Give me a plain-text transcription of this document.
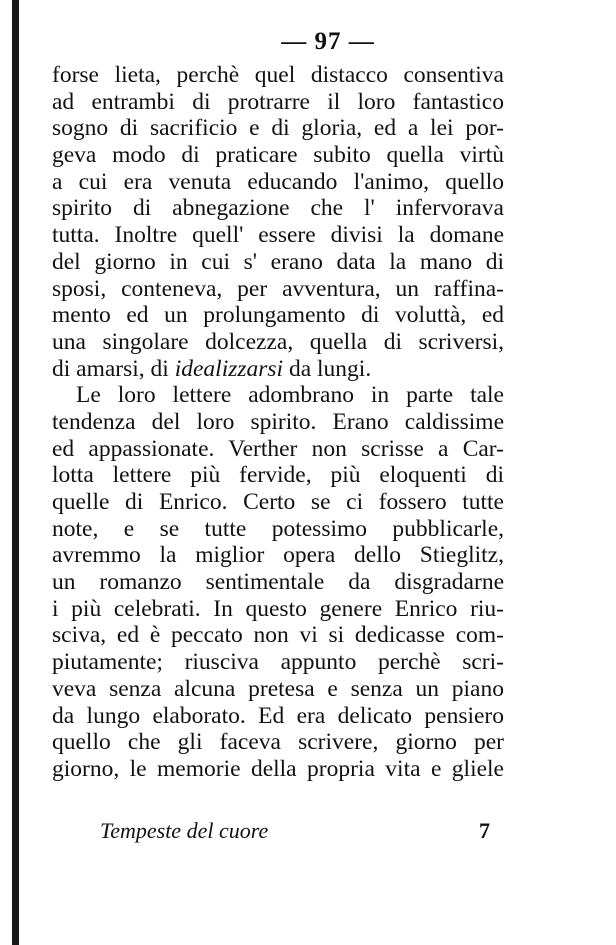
— 97 —
forse lieta, perchè quel distacco consentiva
ad entrambi di protrarre il loro fantastico
sogno di sacrificio e di gloria, ed a lei por-
geva modo di praticare subito quella virtù
a cui era venuta educando l'animo, quello
spirito di abnegazione che l' infervorava
tutta. Inoltre quell' essere divisi la domane
del giorno in cui s' erano data la mano di
sposi, conteneva, per avventura, un raffina-
mento ed un prolungamento di voluttà, ed
una singolare dolcezza, quella di scriversi,
di amarsi, di idealizzarsi da lungi.
Le loro lettere adombrano in parte tale
tendenza del loro spirito. Erano caldissime
ed appassionate. Verther non scrisse a Car-
lotta lettere più fervide, più eloquenti di
quelle di Enrico. Certo se ci fossero tutte
note, e se tutte potessimo pubblicarle,
avremmo la miglior opera dello Stieglitz,
un romanzo sentimentale da disgradarne
i più celebrati. In questo genere Enrico riu-
sciva, ed è peccato non vi si dedicasse com-
piutamente; riusciva appunto perchè scri-
veva senza alcuna pretesa e senza un piano
da lungo elaborato. Ed era delicato pensiero
quello che gli faceva scrivere, giorno per
giorno, le memorie della propria vita e gliele
Tempeste del cuore	7
